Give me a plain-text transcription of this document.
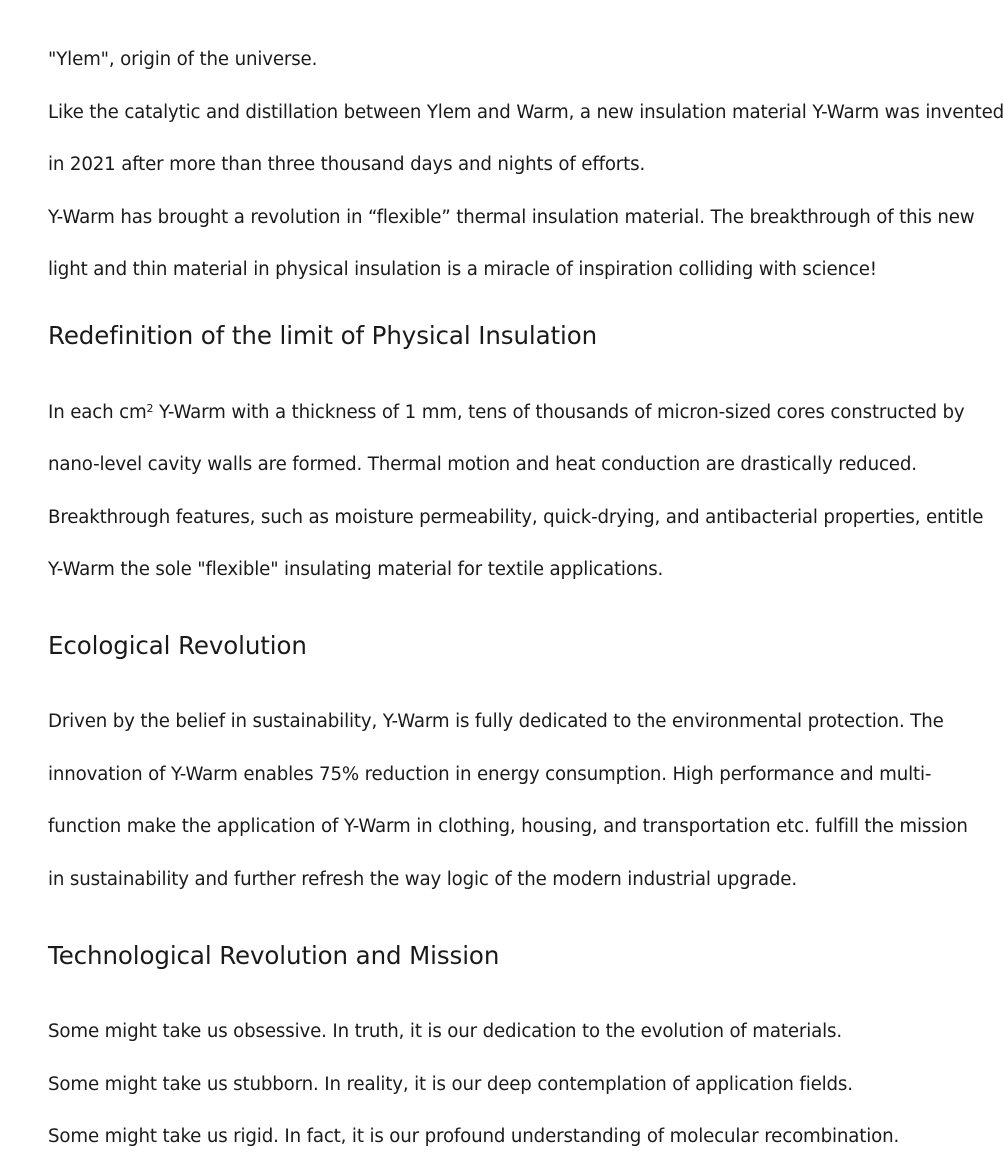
"Ylem", origin of the universe.
Like the catalytic and distillation between Ylem and Warm, a new insulation material Y-Warm was invented
in 2021 after more than three thousand days and nights of efforts.
Y-Warm has brought a revolution in “flexible” thermal insulation material. The breakthrough of this new
light and thin material in physical insulation is a miracle of inspiration colliding with science!
Redefinition of the limit of Physical Insulation
In each $cm^2$ Y-Warm with a thickness of 1 mm, tens of thousands of micron-sized cores constructed by
nano-level cavity walls are formed. Thermal motion and heat conduction are drastically reduced.
Breakthrough features, such as moisture permeability, quick-drying, and antibacterial properties, entitle
Y-Warm the sole "flexible" insulating material for textile applications.
Ecological Revolution
Driven by the belief in sustainability, Y-Warm is fully dedicated to the environmental protection. The
innovation of Y-Warm enables 75% reduction in energy consumption. High performance and multi-
function make the application of Y-Warm in clothing, housing, and transportation etc. fulfill the mission
in sustainability and further refresh the way logic of the modern industrial upgrade.
Technological Revolution and Mission
Some might take us obsessive. In truth, it is our dedication to the evolution of materials.
Some might take us stubborn. In reality, it is our deep contemplation of application fields.
Some might take us rigid. In fact, it is our profound understanding of molecular recombination.
